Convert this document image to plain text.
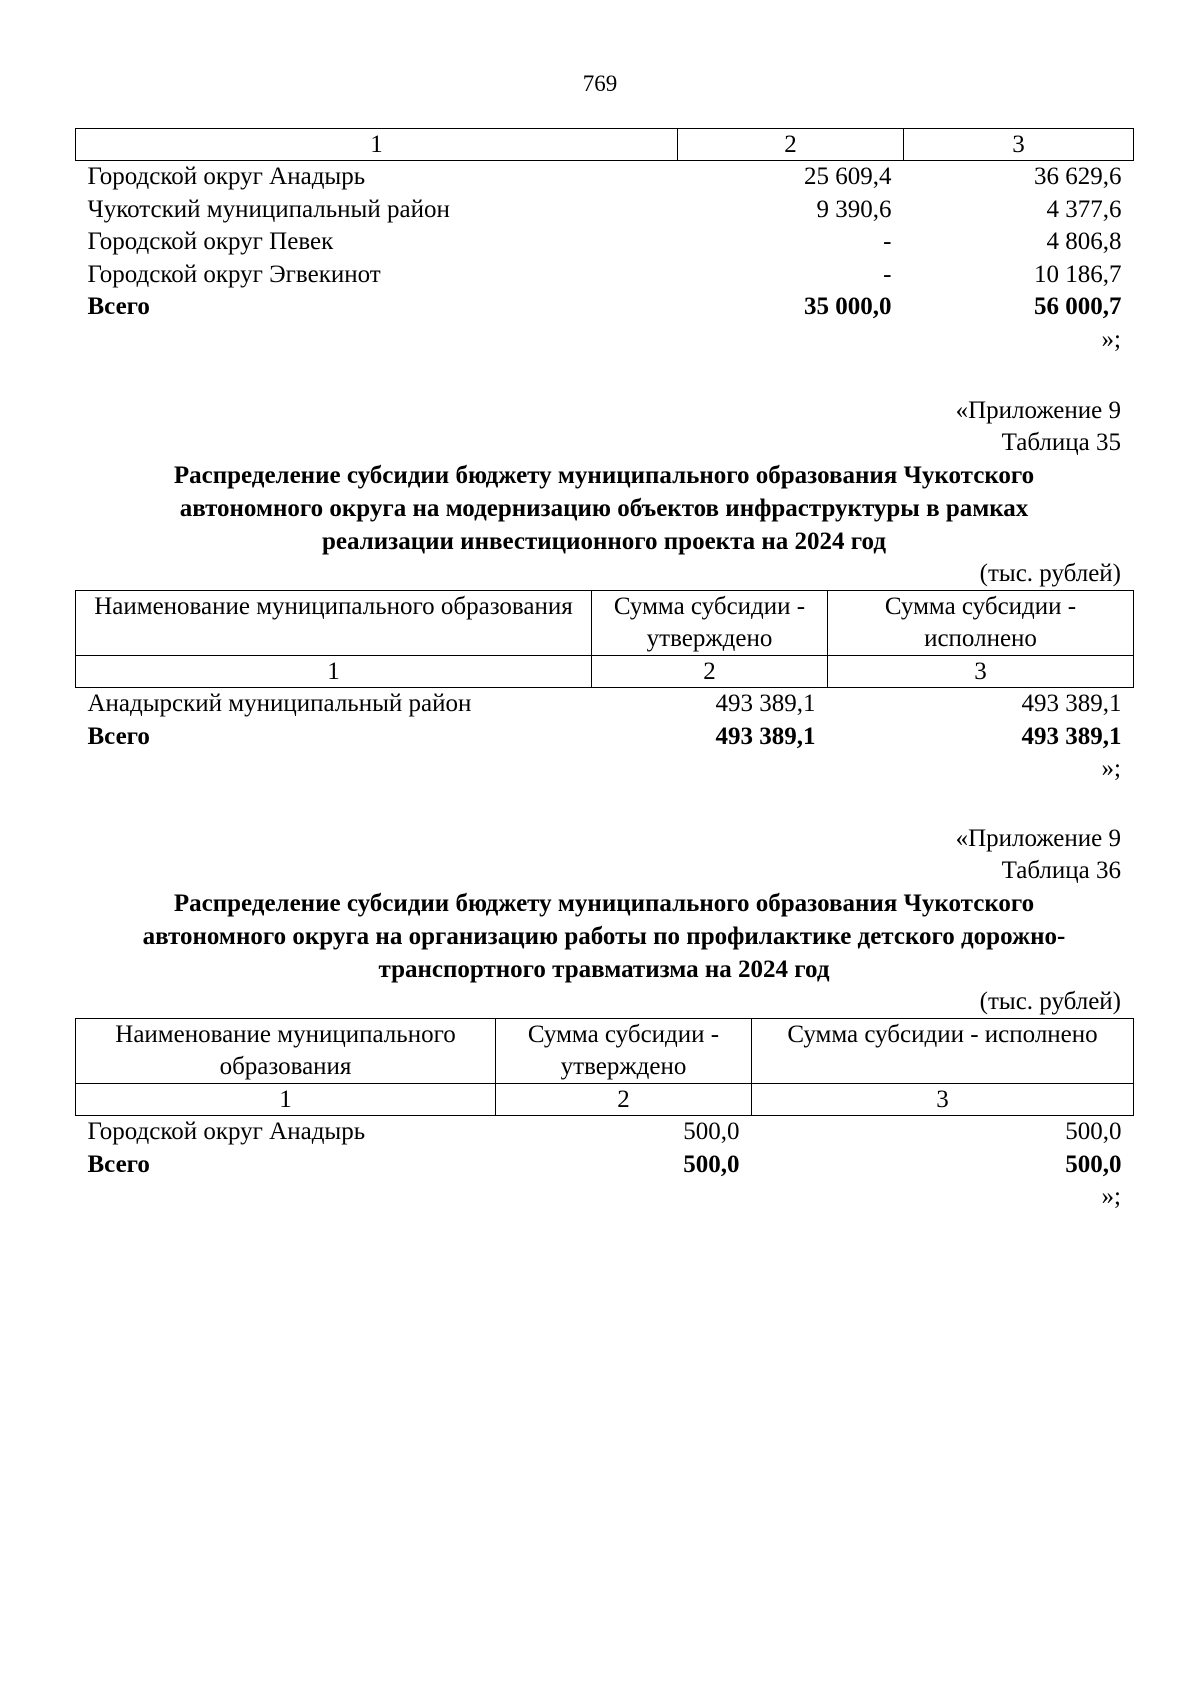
769
1	2	3
Городской округ Анадырь	25 609,4	36 629,6
Чукотский муниципальный район	9 390,6	4 377,6
Городской округ Певек	-	4 806,8
Городской округ Эгвекинот	-	10 186,7
Всего	35 000,0	56 000,7
»;
«Приложение 9
Таблица 35
Распределение субсидии бюджету муниципального образования Чукотского автономного округа на модернизацию объектов инфраструктуры в рамках реализации инвестиционного проекта на 2024 год
(тыс. рублей)
Наименование муниципального образования	Сумма субсидии - утверждено	Сумма субсидии - исполнено
1	2	3
Анадырский муниципальный район	493 389,1	493 389,1
Всего	493 389,1	493 389,1
»;
«Приложение 9
Таблица 36
Распределение субсидии бюджету муниципального образования Чукотского автономного округа на организацию работы по профилактике детского дорожно-транспортного травматизма на 2024 год
(тыс. рублей)
Наименование муниципального образования	Сумма субсидии - утверждено	Сумма субсидии - исполнено
1	2	3
Городской округ Анадырь	500,0	500,0
Всего	500,0	500,0
»;
